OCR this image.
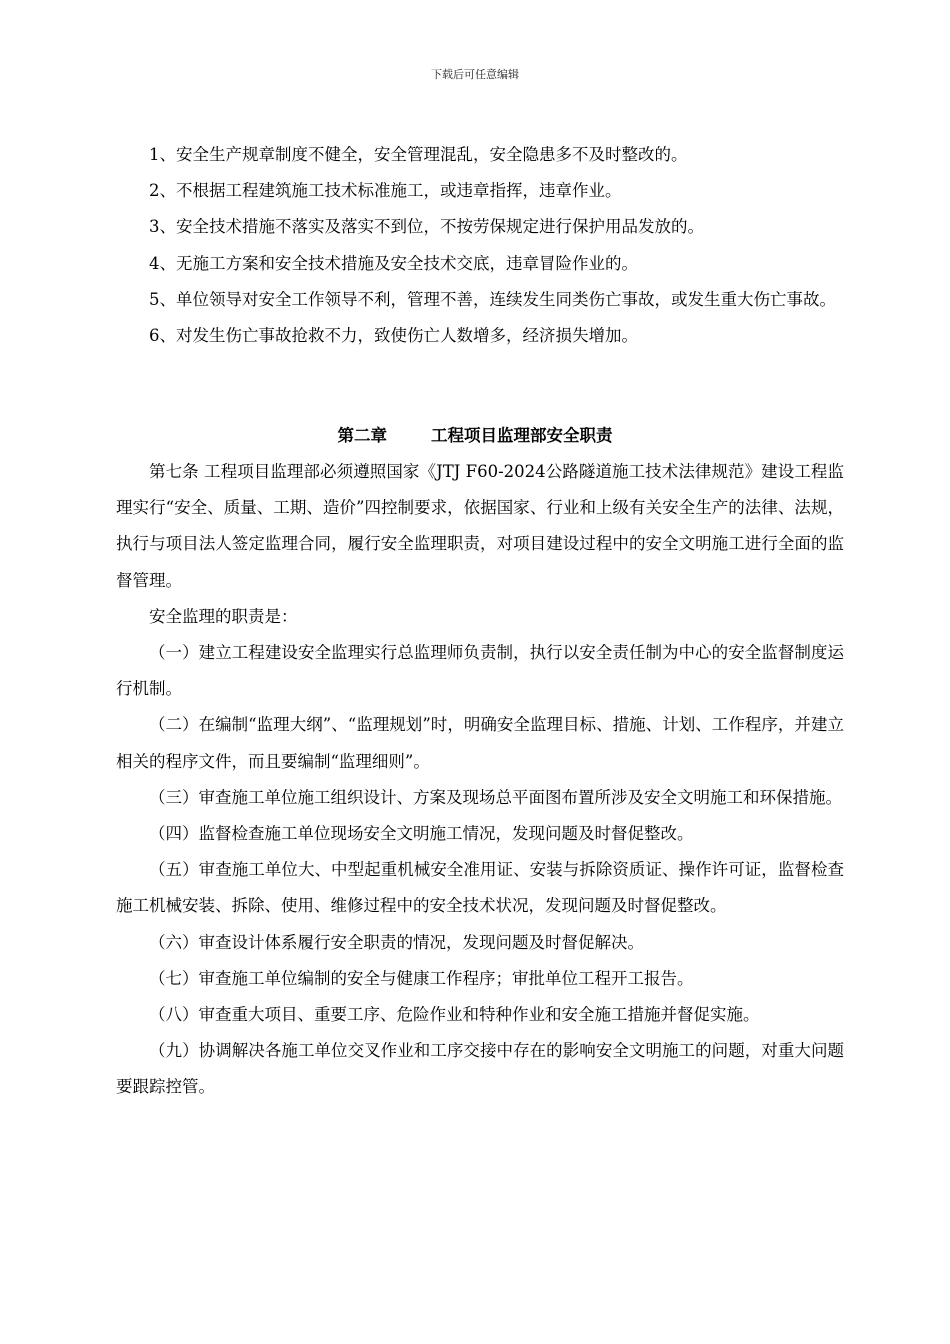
下载后可任意编辑

1、安全生产规章制度不健全，安全管理混乱，安全隐患多不及时整改的。

2、不根据工程建筑施工技术标准施工，或违章指挥，违章作业。

3、安全技术措施不落实及落实不到位，不按劳保规定进行保护用品发放的。

4、无施工方案和安全技术措施及安全技术交底，违章冒险作业的。

5、单位领导对安全工作领导不利，管理不善，连续发生同类伤亡事故，或发生重大伤亡事故。

6、对发生伤亡事故抢救不力，致使伤亡人数增多，经济损失增加。

第二章	工程项目监理部安全职责

第七条 工程项目监理部必须遵照国家《JTJ F60-2024公路隧道施工技术法律规范》建设工程监理实行“安全、质量、工期、造价”四控制要求，依据国家、行业和上级有关安全生产的法律、法规，执行与项目法人签定监理合同，履行安全监理职责，对项目建设过程中的安全文明施工进行全面的监督管理。

安全监理的职责是：

（一）建立工程建设安全监理实行总监理师负责制，执行以安全责任制为中心的安全监督制度运行机制。

（二）在编制“监理大纲”、“监理规划”时，明确安全监理目标、措施、计划、工作程序，并建立相关的程序文件，而且要编制“监理细则”。

（三）审查施工单位施工组织设计、方案及现场总平面图布置所涉及安全文明施工和环保措施。

（四）监督检查施工单位现场安全文明施工情况，发现问题及时督促整改。

（五）审查施工单位大、中型起重机械安全准用证、安装与拆除资质证、操作许可证，监督检查施工机械安装、拆除、使用、维修过程中的安全技术状况，发现问题及时督促整改。

（六）审查设计体系履行安全职责的情况，发现问题及时督促解决。

（七）审查施工单位编制的安全与健康工作程序；审批单位工程开工报告。

（八）审查重大项目、重要工序、危险作业和特种作业和安全施工措施并督促实施。

（九）协调解决各施工单位交叉作业和工序交接中存在的影响安全文明施工的问题，对重大问题要跟踪控管。
